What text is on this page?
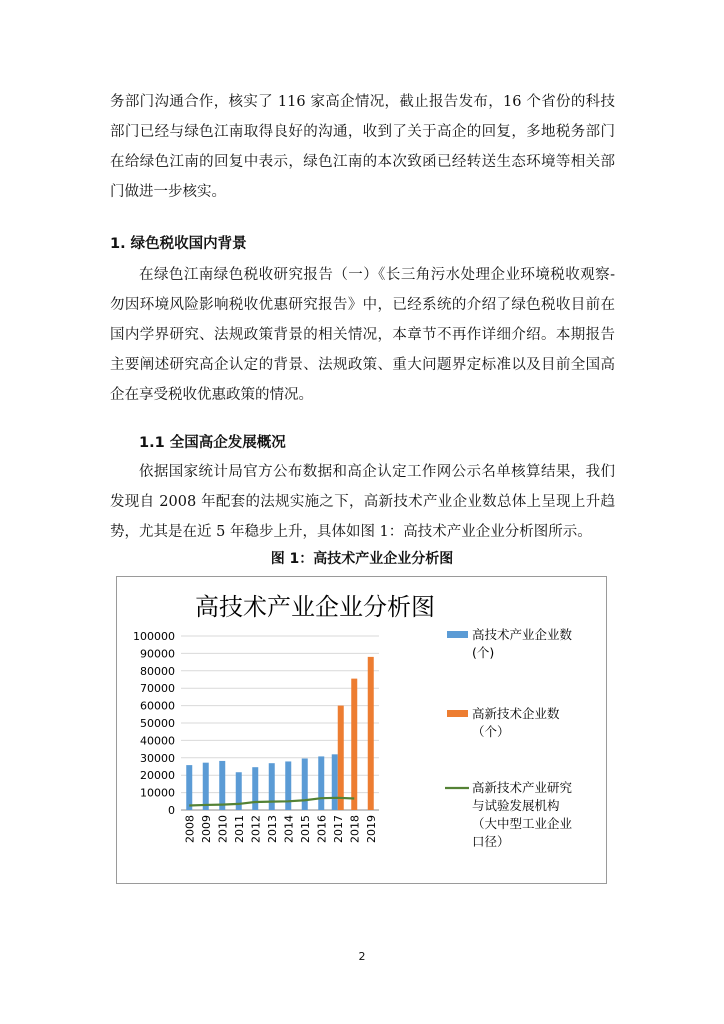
务部门沟通合作，核实了 116 家高企情况，截止报告发布，16 个省份的科技部门已经与绿色江南取得良好的沟通，收到了关于高企的回复，多地税务部门在给绿色江南的回复中表示，绿色江南的本次致函已经转送生态环境等相关部门做进一步核实。

1. 绿色税收国内背景

在绿色江南绿色税收研究报告（一）《长三角污水处理企业环境税收观察- 勿因环境风险影响税收优惠研究报告》中，已经系统的介绍了绿色税收目前在国内学界研究、法规政策背景的相关情况，本章节不再作详细介绍。本期报告主要阐述研究高企认定的背景、法规政策、重大问题界定标准以及目前全国高企在享受税收优惠政策的情况。

1.1 全国高企发展概况

依据国家统计局官方公布数据和高企认定工作网公示名单核算结果，我们发现自 2008 年配套的法规实施之下，高新技术产业企业数总体上呈现上升趋势，尤其是在近 5 年稳步上升，具体如图 1：高技术产业企业分析图所示。

图 1：高技术产业企业分析图

高技术产业企业分析图
0
10000
20000
30000
40000
50000
60000
70000
80000
90000
100000
2008 2009 2010 2011 2012 2013 2014 2015 2016 2017 2018 2019
高技术产业企业数
(个)
高新技术企业数
（个）
高新技术产业研究
与试验发展机构
（大中型工业企业
口径）
2
